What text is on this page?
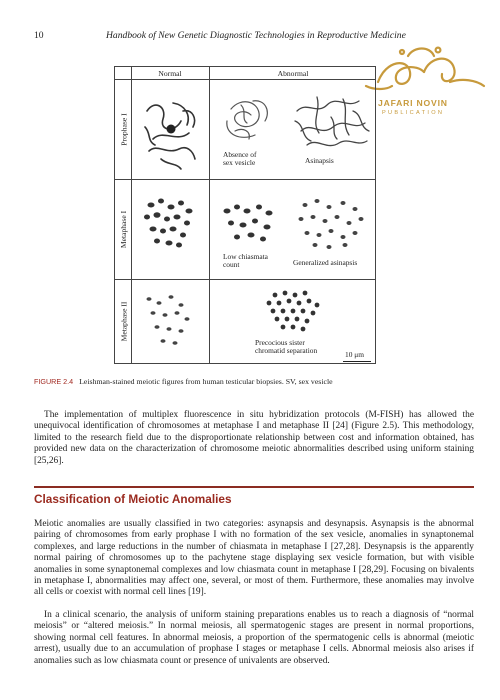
10	Handbook of New Genetic Diagnostic Technologies in Reproductive Medicine
JAFARI NOVIN
PUBLICATION
Normal	Abnormal
Prophase I
Metaphase I
Metaphase II
Absence of
sex vesicle	Asinapsis
Low chiasmata
count	Generalized asinapsis
Precocious sister
chromatid separation	10 μm
FIGURE 2.4 Leishman-stained meiotic figures from human testicular biopsies. SV, sex vesicle
The implementation of multiplex fluorescence in situ hybridization protocols (M-FISH) has allowed the unequivocal identification of chromosomes at metaphase I and metaphase II [24] (Figure 2.5). This methodology, limited to the research field due to the disproportionate relationship between cost and information obtained, has provided new data on the characterization of chromosome meiotic abnormalities described using uniform staining [25,26].
Classification of Meiotic Anomalies
Meiotic anomalies are usually classified in two categories: asynapsis and desynapsis. Asynapsis is the abnormal pairing of chromosomes from early prophase I with no formation of the sex vesicle, anomalies in synaptonemal complexes, and large reductions in the number of chiasmata in metaphase I [27,28]. Desynapsis is the apparently normal pairing of chromosomes up to the pachytene stage displaying sex vesicle formation, but with visible anomalies in some synaptonemal complexes and low chiasmata count in metaphase I [28,29]. Focusing on bivalents in metaphase I, abnormalities may affect one, several, or most of them. Furthermore, these anomalies may involve all cells or coexist with normal cell lines [19].
In a clinical scenario, the analysis of uniform staining preparations enables us to reach a diagnosis of “normal meiosis” or “altered meiosis.” In normal meiosis, all spermatogenic stages are present in normal proportions, showing normal cell features. In abnormal meiosis, a proportion of the spermatogenic cells is abnormal (meiotic arrest), usually due to an accumulation of prophase I stages or metaphase I cells. Abnormal meiosis also arises if anomalies such as low chiasmata count or presence of univalents are observed.
